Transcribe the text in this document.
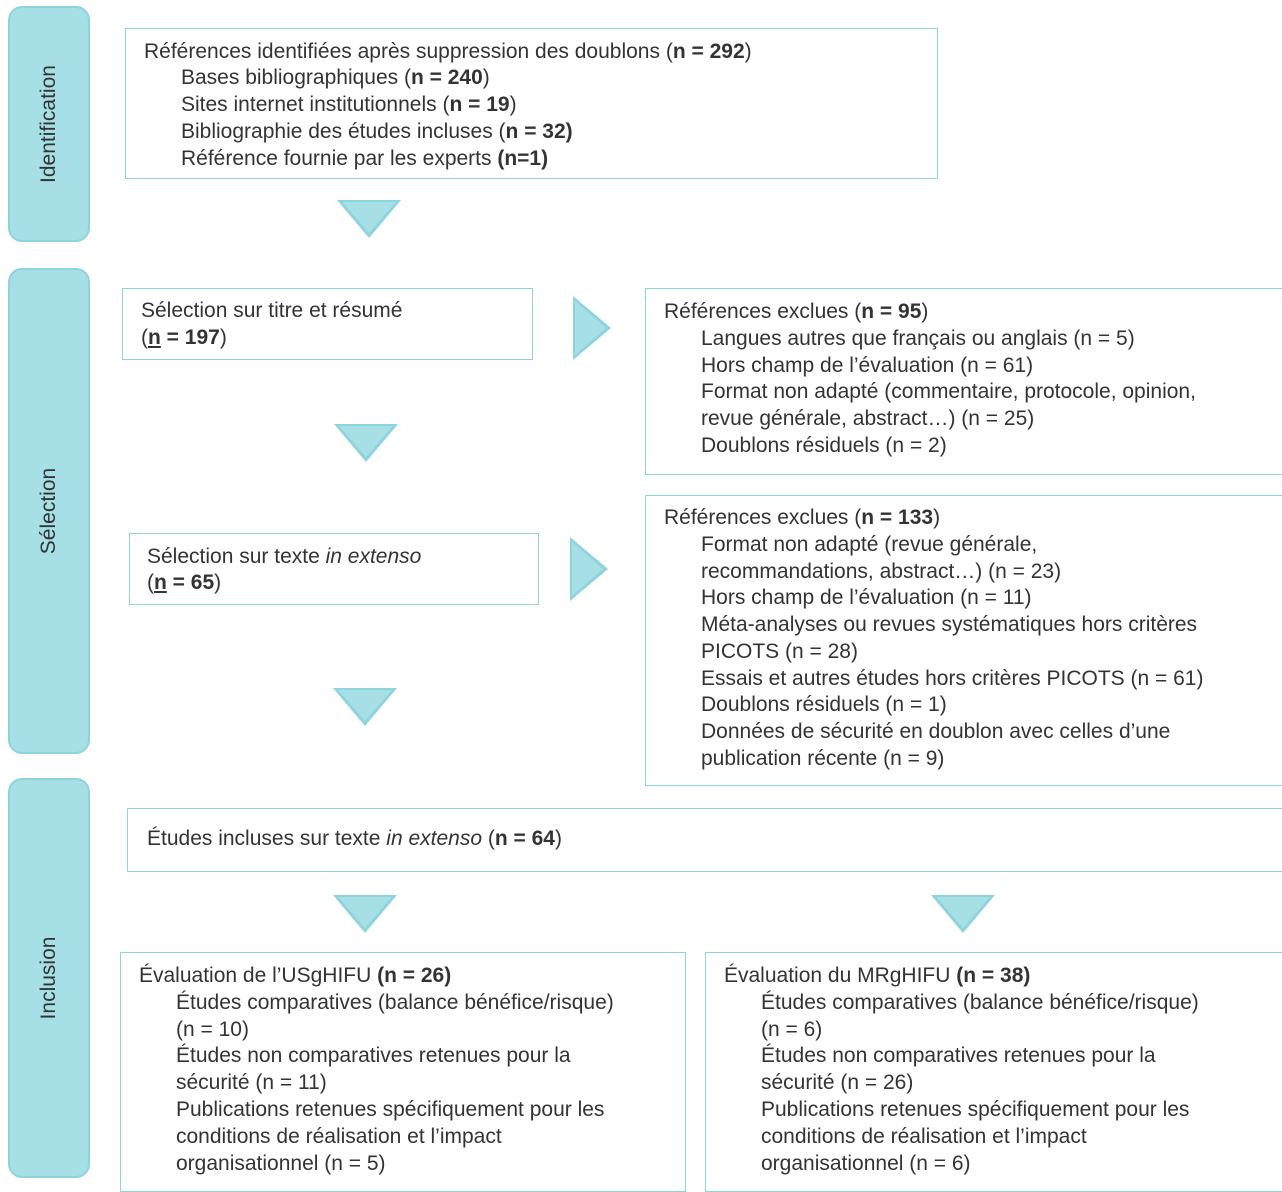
Identification
Sélection
Inclusion
Références identifiées après suppression des doublons (n = 292)
Bases bibliographiques (n = 240)
Sites internet institutionnels (n = 19)
Bibliographie des études incluses (n = 32)
Référence fournie par les experts (n=1)
Sélection sur titre et résumé
(n = 197)
Références exclues (n = 95)
Langues autres que français ou anglais (n = 5)
Hors champ de l’évaluation (n = 61)
Format non adapté (commentaire, protocole, opinion,
revue générale, abstract…) (n = 25)
Doublons résiduels (n = 2)
Sélection sur texte in extenso
(n = 65)
Références exclues (n = 133)
Format non adapté (revue générale,
recommandations, abstract…) (n = 23)
Hors champ de l’évaluation (n = 11)
Méta-analyses ou revues systématiques hors critères
PICOTS (n = 28)
Essais et autres études hors critères PICOTS (n = 61)
Doublons résiduels (n = 1)
Données de sécurité en doublon avec celles d’une
publication récente (n = 9)
Études incluses sur texte in extenso (n = 64)
Évaluation de l’USgHIFU (n = 26)
Études comparatives (balance bénéfice/risque)
(n = 10)
Études non comparatives retenues pour la
sécurité (n = 11)
Publications retenues spécifiquement pour les
conditions de réalisation et l’impact
organisationnel (n = 5)
Évaluation du MRgHIFU (n = 38)
Études comparatives (balance bénéfice/risque)
(n = 6)
Études non comparatives retenues pour la
sécurité (n = 26)
Publications retenues spécifiquement pour les
conditions de réalisation et l’impact
organisationnel (n = 6)
